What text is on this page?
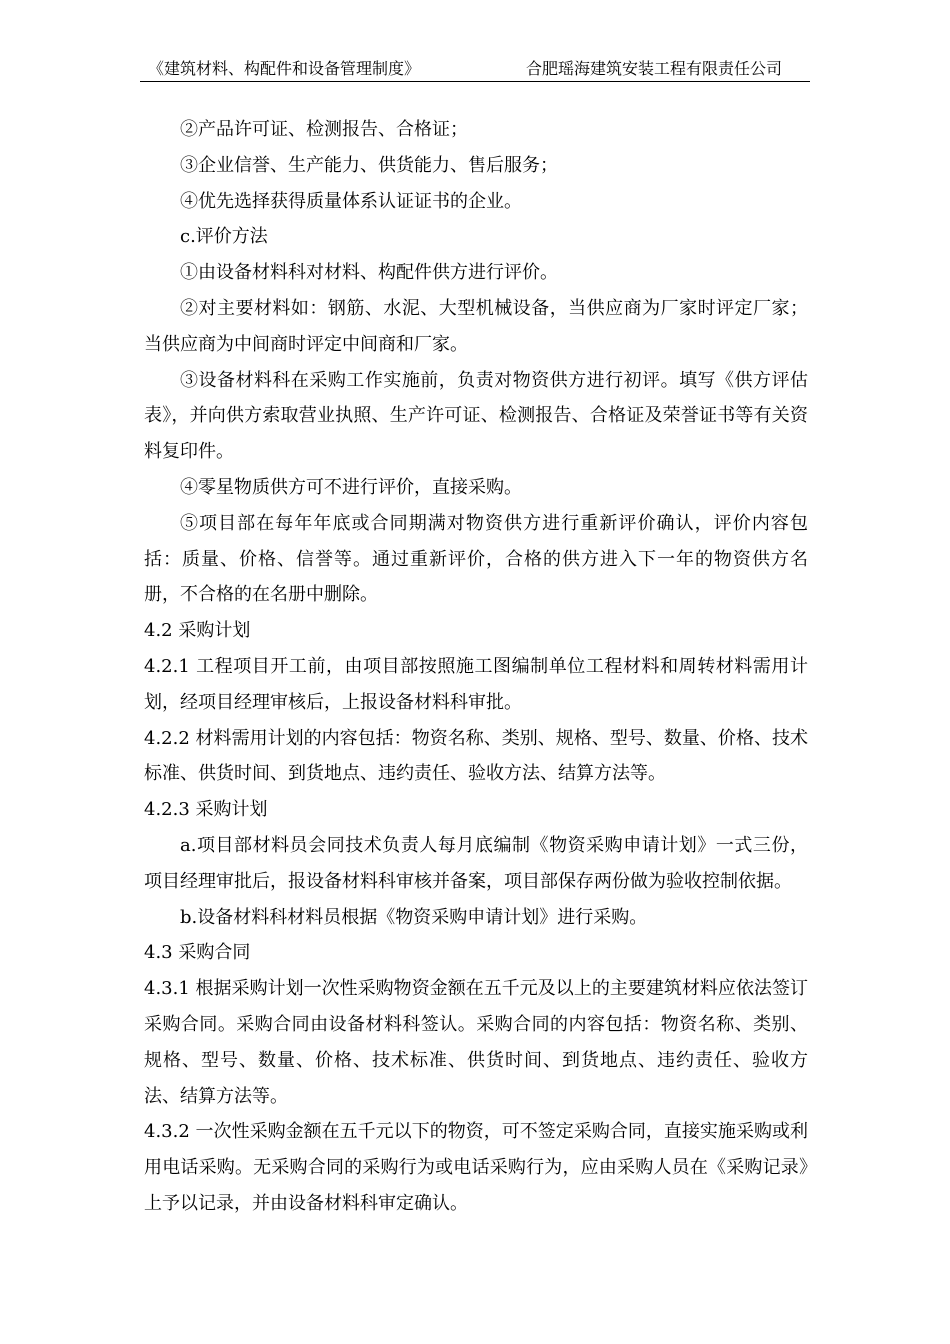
《建筑材料、构配件和设备管理制度》	合肥瑶海建筑安装工程有限责任公司

②产品许可证、检测报告、合格证；

③企业信誉、生产能力、供货能力、售后服务；

④优先选择获得质量体系认证证书的企业。

c.评价方法

①由设备材料科对材料、构配件供方进行评价。

②对主要材料如：钢筋、水泥、大型机械设备，当供应商为厂家时评定厂家；当供应商为中间商时评定中间商和厂家。

③设备材料科在采购工作实施前，负责对物资供方进行初评。填写《供方评估表》，并向供方索取营业执照、生产许可证、检测报告、合格证及荣誉证书等有关资料复印件。

④零星物质供方可不进行评价，直接采购。

⑤项目部在每年年底或合同期满对物资供方进行重新评价确认，评价内容包括：质量、价格、信誉等。通过重新评价，合格的供方进入下一年的物资供方名册，不合格的在名册中删除。

4.2 采购计划

4.2.1 工程项目开工前，由项目部按照施工图编制单位工程材料和周转材料需用计划，经项目经理审核后，上报设备材料科审批。

4.2.2 材料需用计划的内容包括：物资名称、类别、规格、型号、数量、价格、技术标准、供货时间、到货地点、违约责任、验收方法、结算方法等。

4.2.3 采购计划

a.项目部材料员会同技术负责人每月底编制《物资采购申请计划》一式三份，项目经理审批后，报设备材料科审核并备案，项目部保存两份做为验收控制依据。

b.设备材料科材料员根据《物资采购申请计划》进行采购。

4.3 采购合同

4.3.1 根据采购计划一次性采购物资金额在五千元及以上的主要建筑材料应依法签订采购合同。采购合同由设备材料科签认。采购合同的内容包括：物资名称、类别、规格、型号、数量、价格、技术标准、供货时间、到货地点、违约责任、验收方法、结算方法等。

4.3.2 一次性采购金额在五千元以下的物资，可不签定采购合同，直接实施采购或利用电话采购。无采购合同的采购行为或电话采购行为，应由采购人员在《采购记录》上予以记录，并由设备材料科审定确认。
